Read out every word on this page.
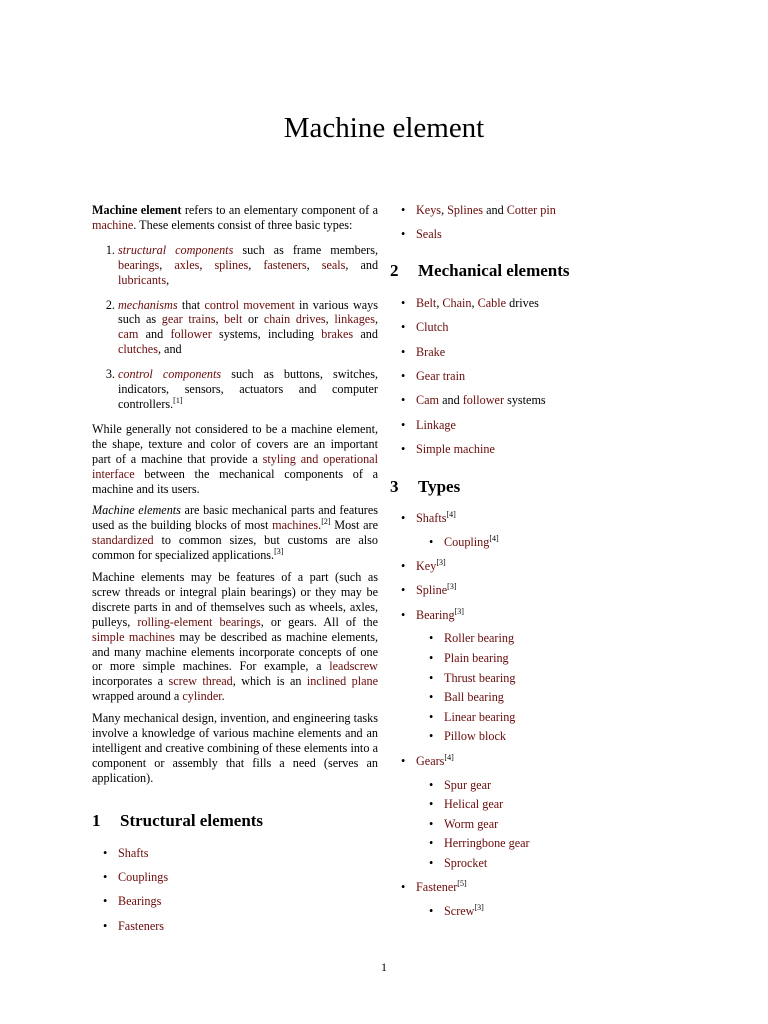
Machine element

Machine element refers to an elementary component of a machine. These elements consist of three basic types:

1. structural components such as frame members, bearings, axles, splines, fasteners, seals, and lubricants,
2. mechanisms that control movement in various ways such as gear trains, belt or chain drives, linkages, cam and follower systems, including brakes and clutches, and
3. control components such as buttons, switches, indicators, sensors, actuators and computer controllers.[1]

While generally not considered to be a machine element, the shape, texture and color of covers are an important part of a machine that provide a styling and operational interface between the mechanical components of a machine and its users.

Machine elements are basic mechanical parts and features used as the building blocks of most machines.[2] Most are standardized to common sizes, but customs are also common for specialized applications.[3]

Machine elements may be features of a part (such as screw threads or integral plain bearings) or they may be discrete parts in and of themselves such as wheels, axles, pulleys, rolling-element bearings, or gears. All of the simple machines may be described as machine elements, and many machine elements incorporate concepts of one or more simple machines. For example, a leadscrew incorporates a screw thread, which is an inclined plane wrapped around a cylinder.

Many mechanical design, invention, and engineering tasks involve a knowledge of various machine elements and an intelligent and creative combining of these elements into a component or assembly that fills a need (serves an application).

1 Structural elements
• Shafts
• Couplings
• Bearings
• Fasteners
• Keys, Splines and Cotter pin
• Seals
2 Mechanical elements
• Belt, Chain, Cable drives
• Clutch
• Brake
• Gear train
• Cam and follower systems
• Linkage
• Simple machine
3 Types
• Shafts[4]
• Coupling[4]
• Key[3]
• Spline[3]
• Bearing[3]
• Roller bearing
• Plain bearing
• Thrust bearing
• Ball bearing
• Linear bearing
• Pillow block
• Gears[4]
• Spur gear
• Helical gear
• Worm gear
• Herringbone gear
• Sprocket
• Fastener[5]
• Screw[3]
1
